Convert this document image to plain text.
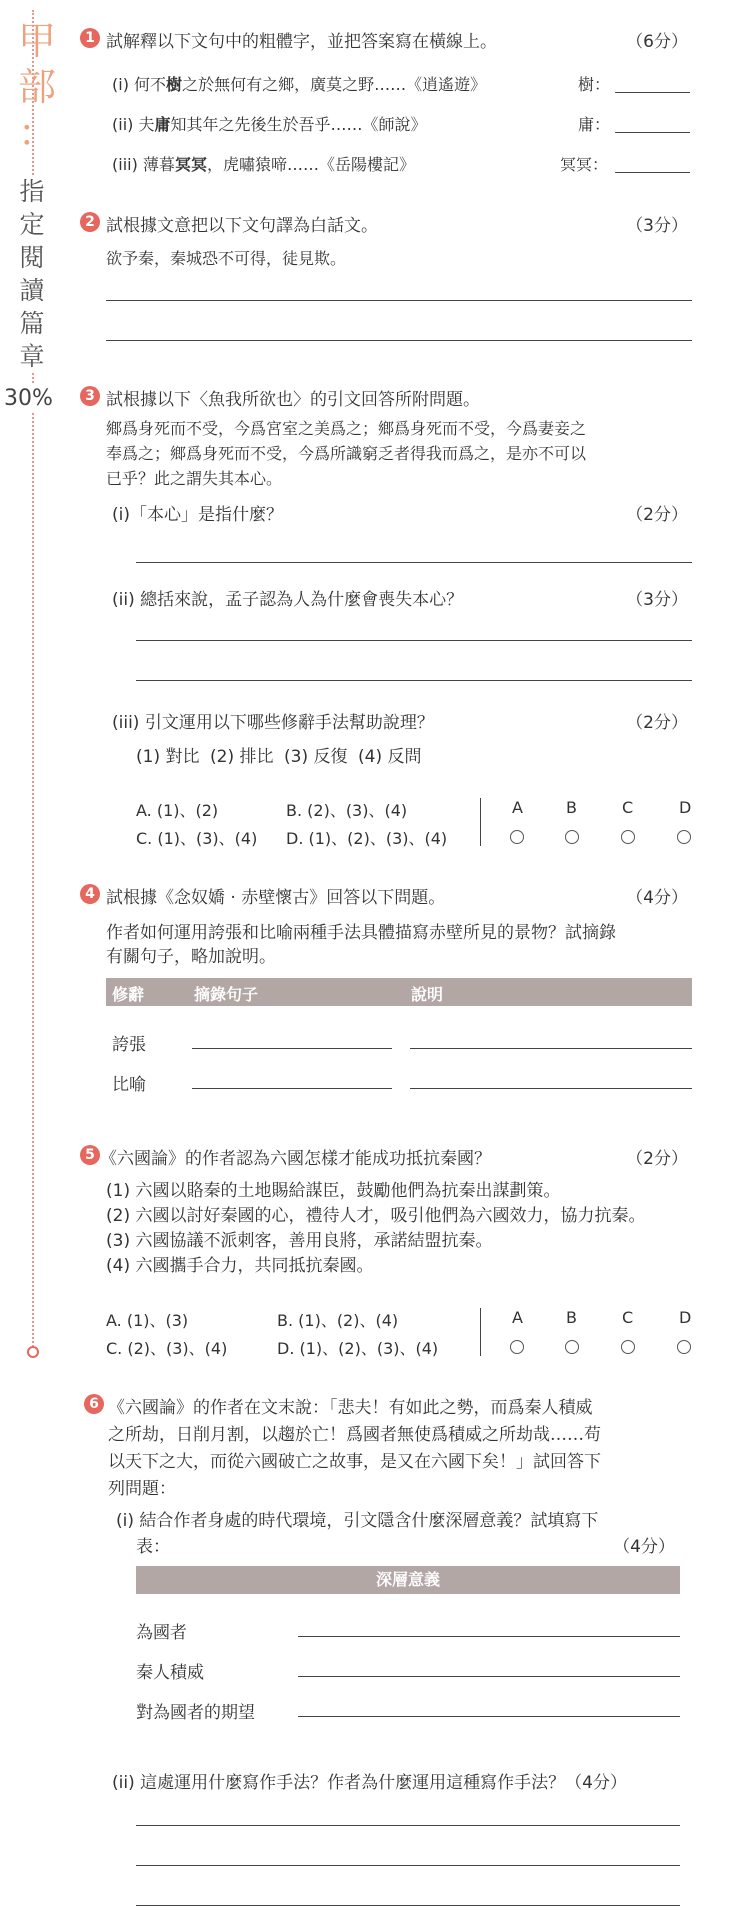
甲
部
：
指
定
閱
讀
篇
章
30%
1 試解釋以下文句中的粗體字，並把答案寫在橫線上。	（6分）
(i) 何不樹之於無何有之鄉，廣莫之野……《逍遙遊》	樹：
(ii) 夫庸知其年之先後生於吾乎……《師說》	庸：
(iii) 薄暮冥冥，虎嘯猿啼……《岳陽樓記》	冥冥：
2 試根據文意把以下文句譯為白話文。	（3分）
欲予秦，秦城恐不可得，徒見欺。
3 試根據以下〈魚我所欲也〉的引文回答所附問題。
鄉爲身死而不受，今爲宮室之美爲之；鄉爲身死而不受，今爲妻妾之
奉爲之；鄉爲身死而不受，今爲所識窮乏者得我而爲之，是亦不可以
已乎？此之謂失其本心。
(i)「本心」是指什麼？	（2分）
(ii) 總括來說，孟子認為人為什麼會喪失本心？	（3分）
(iii) 引文運用以下哪些修辭手法幫助說理？	（2分）
(1) 對比 (2) 排比 (3) 反復 (4) 反問
A. (1)、(2)	B. (2)、(3)、(4)
C. (1)、(3)、(4) D. (1)、(2)、(3)、(4)
A	B	C	D
4 試根據《念奴嬌 · 赤壁懷古》回答以下問題。	（4分）
作者如何運用誇張和比喻兩種手法具體描寫赤壁所見的景物？試摘錄
有關句子，略加說明。
修辭	摘錄句子	說明
誇張
比喻
5 《六國論》的作者認為六國怎樣才能成功抵抗秦國？	（2分）
(1) 六國以賂秦的土地賜給謀臣，鼓勵他們為抗秦出謀劃策。
(2) 六國以討好秦國的心，禮待人才，吸引他們為六國效力，協力抗秦。
(3) 六國協議不派刺客，善用良將，承諾結盟抗秦。
(4) 六國攜手合力，共同抵抗秦國。
A. (1)、(3)	B. (1)、(2)、(4)
C. (2)、(3)、(4)	D. (1)、(2)、(3)、(4)
A	B	C	D
6 《六國論》的作者在文末說：「悲夫！有如此之勢，而爲秦人積威
之所劫，日削月割，以趨於亡！爲國者無使爲積威之所劫哉……苟
以天下之大，而從六國破亡之故事，是又在六國下矣！」試回答下
列問題：
(i) 結合作者身處的時代環境，引文隱含什麼深層意義？試填寫下
表：	（4分）
深層意義
為國者
秦人積威
對為國者的期望
(ii) 這處運用什麼寫作手法？作者為什麼運用這種寫作手法？（4分）
